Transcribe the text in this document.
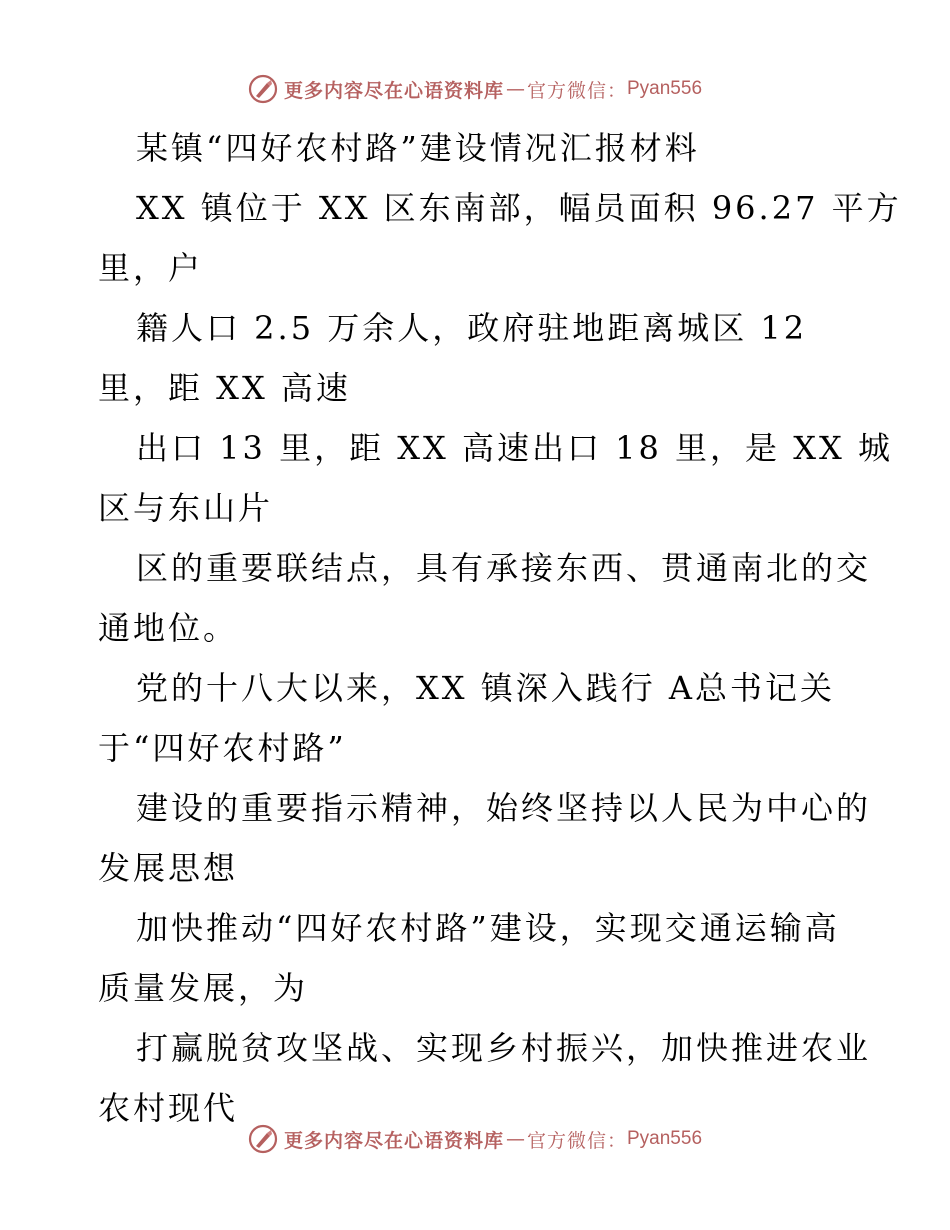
更多内容尽在心语资料库 — 官方微信： Pyan556
某镇“四好农村路”建设情况汇报材料
XX 镇位于 XX 区东南部，幅员面积 96.27 平方
里，户
籍人口 2.5 万余人，政府驻地距离城区 12
里，距 XX 高速
出口 13 里，距 XX 高速出口 18 里，是 XX 城
区与东山片
区的重要联结点，具有承接东西、贯通南北的交
通地位。
党的十八大以来，XX 镇深入践行 A总书记关
于“四好农村路”
建设的重要指示精神，始终坚持以人民为中心的
发展思想
加快推动“四好农村路”建设，实现交通运输高
质量发展，为
打赢脱贫攻坚战、实现乡村振兴，加快推进农业
农村现代
更多内容尽在心语资料库 — 官方微信： Pyan556
